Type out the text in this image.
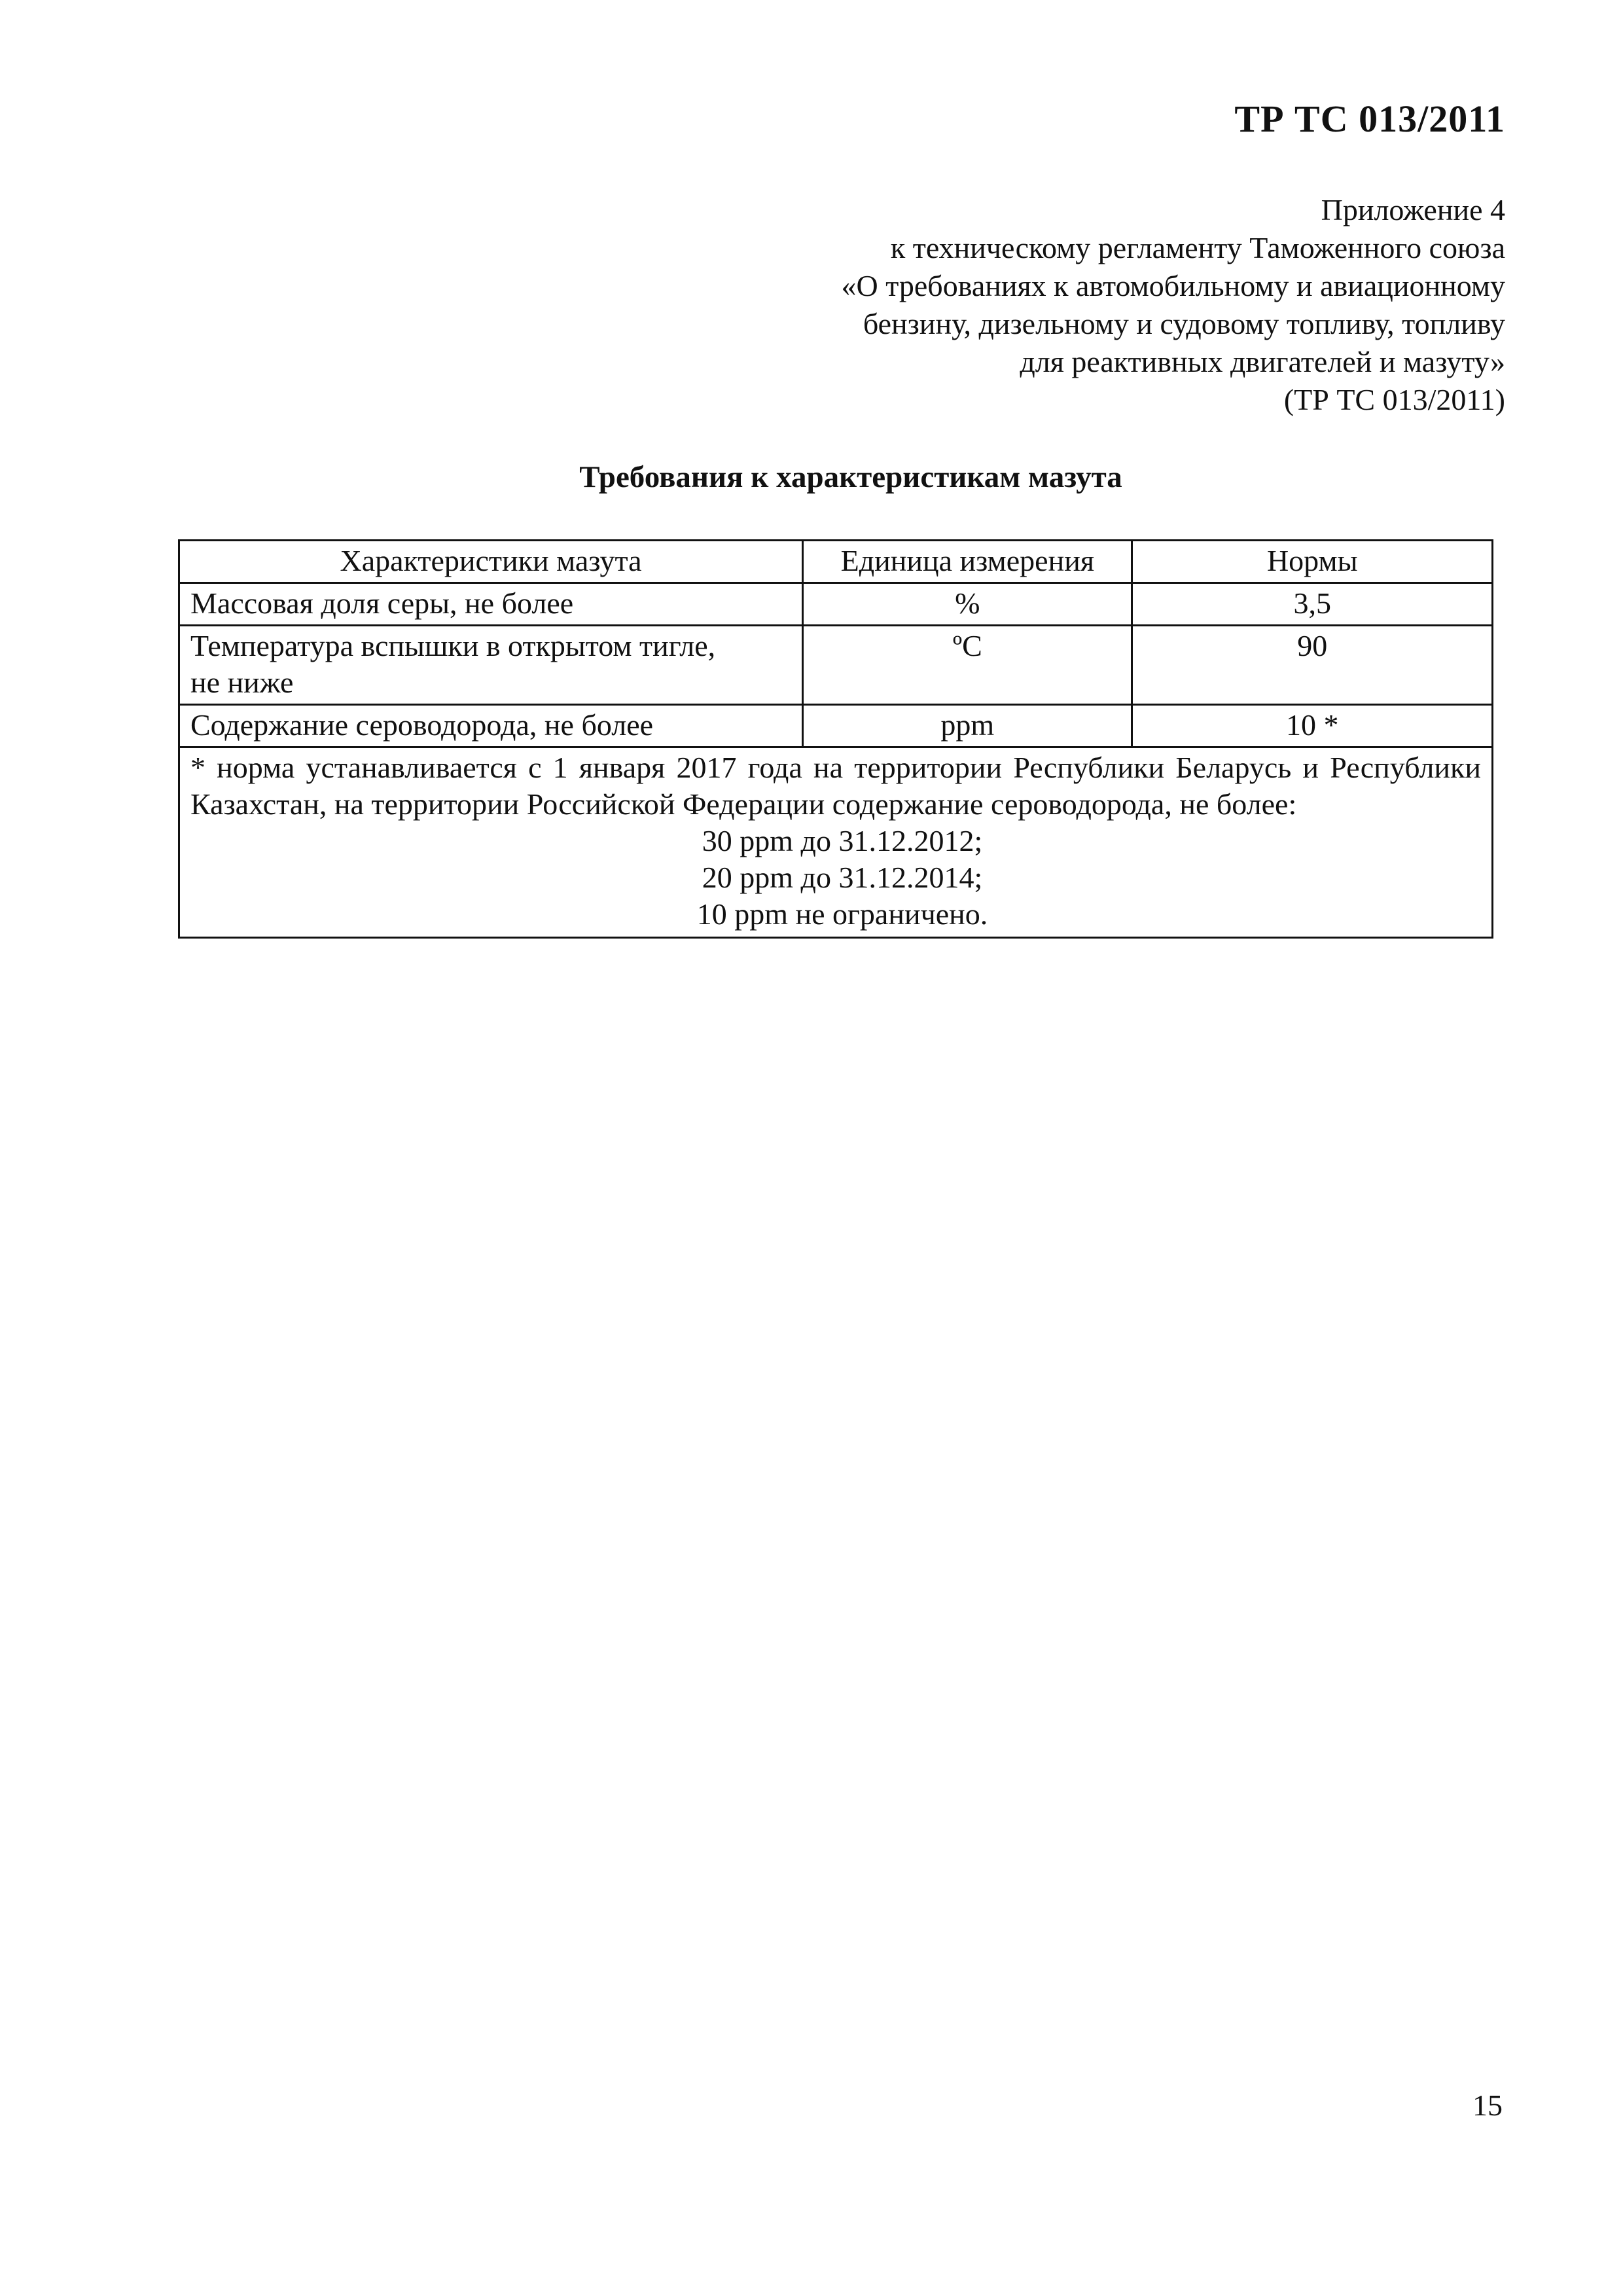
ТР ТС 013/2011
Приложение 4
к техническому регламенту Таможенного союза
«О требованиях к автомобильному и авиационному
бензину, дизельному и судовому топливу, топливу
для реактивных двигателей и мазуту»
(ТР ТС 013/2011)
Требования к характеристикам мазута
Характеристики мазута	Единица измерения	Нормы
Массовая доля серы, не более	%	3,5

Температура вспышки в открытом тигле,
не ниже	ºС	90
Содержание сероводорода, не более	ppm	10 *

* норма устанавливается с 1 января 2017 года на территории Республики Беларусь и Республики Казахстан, на территории Российской Федерации содержание сероводорода, не более:
30 ppm до 31.12.2012;
20 ppm до 31.12.2014;
10 ppm не ограничено.		
15
